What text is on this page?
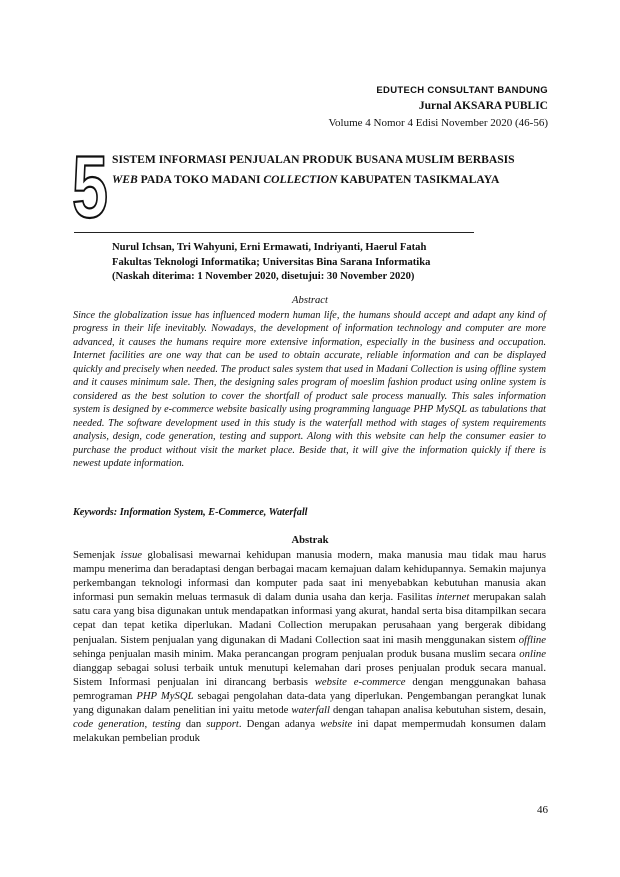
EDUTECH CONSULTANT BANDUNG
Jurnal AKSARA PUBLIC
Volume 4 Nomor 4 Edisi November 2020 (46-56)
5 SISTEM INFORMASI PENJUALAN PRODUK BUSANA MUSLIM BERBASIS
WEB PADA TOKO MADANI COLLECTION KABUPATEN TASIKMALAYA
Nurul Ichsan, Tri Wahyuni, Erni Ermawati, Indriyanti, Haerul Fatah
Fakultas Teknologi Informatika; Universitas Bina Sarana Informatika
(Naskah diterima: 1 November 2020, disetujui: 30 November 2020)
Abstract
Since the globalization issue has influenced modern human life, the humans should accept and adapt any kind of progress in their life inevitably. Nowadays, the development of information technology and computer are more advanced, it causes the humans require more extensive information, especially in the business and occupation. Internet facilities are one way that can be used to obtain accurate, reliable information and can be displayed quickly and precisely when needed. The product sales system that used in Madani Collection is using offline system and it causes minimum sale. Then, the designing sales program of moeslim fashion product using online system is considered as the best solution to cover the shortfall of product sale process manually. This sales information system is designed by e-commerce website basically using programming language PHP MySQL as tabulations that needed. The software development used in this study is the waterfall method with stages of system requirements analysis, design, code generation, testing and support. Along with this website can help the consumer easier to purchase the product without visit the market place. Beside that, it will give the information quickly if there is newest update information.
Keywords: Information System, E-Commerce, Waterfall
Abstrak
Semenjak issue globalisasi mewarnai kehidupan manusia modern, maka manusia mau tidak mau harus mampu menerima dan beradaptasi dengan berbagai macam kemajuan dalam kehidupannya. Semakin majunya perkembangan teknologi informasi dan komputer pada saat ini menyebabkan kebutuhan manusia akan informasi pun semakin meluas termasuk di dalam dunia usaha dan kerja. Fasilitas internet merupakan salah satu cara yang bisa digunakan untuk mendapatkan informasi yang akurat, handal serta bisa ditampilkan secara cepat dan tepat ketika diperlukan. Madani Collection merupakan perusahaan yang bergerak dibidang penjualan. Sistem penjualan yang digunakan di Madani Collection saat ini masih menggunakan sistem offline sehinga penjualan masih minim. Maka perancangan program penjualan produk busana muslim secara online dianggap sebagai solusi terbaik untuk menutupi kelemahan dari proses penjualan produk secara manual. Sistem Informasi penjualan ini dirancang berbasis website e-commerce dengan menggunakan bahasa pemrograman PHP MySQL sebagai pengolahan data-data yang diperlukan. Pengembangan perangkat lunak yang digunakan dalam penelitian ini yaitu metode waterfall dengan tahapan analisa kebutuhan sistem, desain, code generation, testing dan support. Dengan adanya website ini dapat mempermudah konsumen dalam melakukan pembelian produk
46
